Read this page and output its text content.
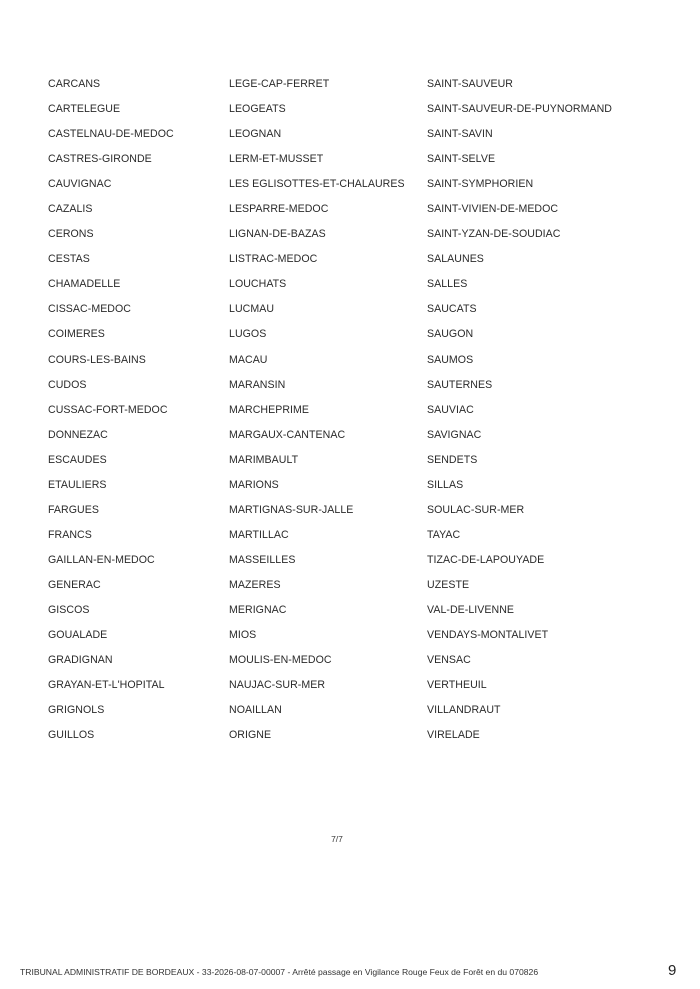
CARCANS
CARTELEGUE
CASTELNAU-DE-MEDOC
CASTRES-GIRONDE
CAUVIGNAC
CAZALIS
CERONS
CESTAS
CHAMADELLE
CISSAC-MEDOC
COIMERES
COURS-LES-BAINS
CUDOS
CUSSAC-FORT-MEDOC
DONNEZAC
ESCAUDES
ETAULIERS
FARGUES
FRANCS
GAILLAN-EN-MEDOC
GENERAC
GISCOS
GOUALADE
GRADIGNAN
GRAYAN-ET-L'HOPITAL
GRIGNOLS
GUILLOS
LEGE-CAP-FERRET
LEOGEATS
LEOGNAN
LERM-ET-MUSSET
LES EGLISOTTES-ET-CHALAURES
LESPARRE-MEDOC
LIGNAN-DE-BAZAS
LISTRAC-MEDOC
LOUCHATS
LUCMAU
LUGOS
MACAU
MARANSIN
MARCHEPRIME
MARGAUX-CANTENAC
MARIMBAULT
MARIONS
MARTIGNAS-SUR-JALLE
MARTILLAC
MASSEILLES
MAZERES
MERIGNAC
MIOS
MOULIS-EN-MEDOC
NAUJAC-SUR-MER
NOAILLAN
ORIGNE
SAINT-SAUVEUR
SAINT-SAUVEUR-DE-PUYNORMAND
SAINT-SAVIN
SAINT-SELVE
SAINT-SYMPHORIEN
SAINT-VIVIEN-DE-MEDOC
SAINT-YZAN-DE-SOUDIAC
SALAUNES
SALLES
SAUCATS
SAUGON
SAUMOS
SAUTERNES
SAUVIAC
SAVIGNAC
SENDETS
SILLAS
SOULAC-SUR-MER
TAYAC
TIZAC-DE-LAPOUYADE
UZESTE
VAL-DE-LIVENNE
VENDAYS-MONTALIVET
VENSAC
VERTHEUIL
VILLANDRAUT
VIRELADE
7/7
TRIBUNAL ADMINISTRATIF DE BORDEAUX - 33-2026-08-07-00007 - Arrêté passage en Vigilance Rouge Feux de Forêt en du 070826	9
